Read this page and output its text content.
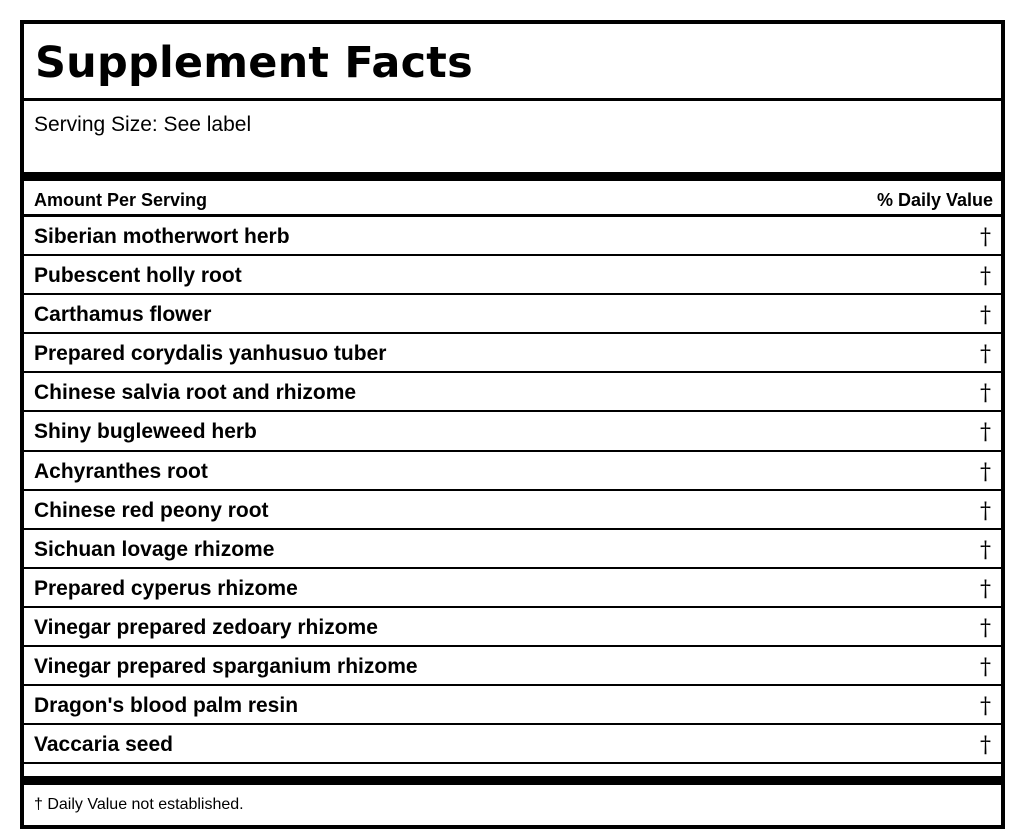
Supplement Facts
Serving Size: See label
Amount Per Serving	% Daily Value
Siberian motherwort herb	†
Pubescent holly root	†
Carthamus flower	†
Prepared corydalis yanhusuo tuber	†
Chinese salvia root and rhizome	†
Shiny bugleweed herb	†
Achyranthes root	†
Chinese red peony root	†
Sichuan lovage rhizome	†
Prepared cyperus rhizome	†
Vinegar prepared zedoary rhizome	†
Vinegar prepared sparganium rhizome	†
Dragon's blood palm resin	†
Vaccaria seed	†
† Daily Value not established.
